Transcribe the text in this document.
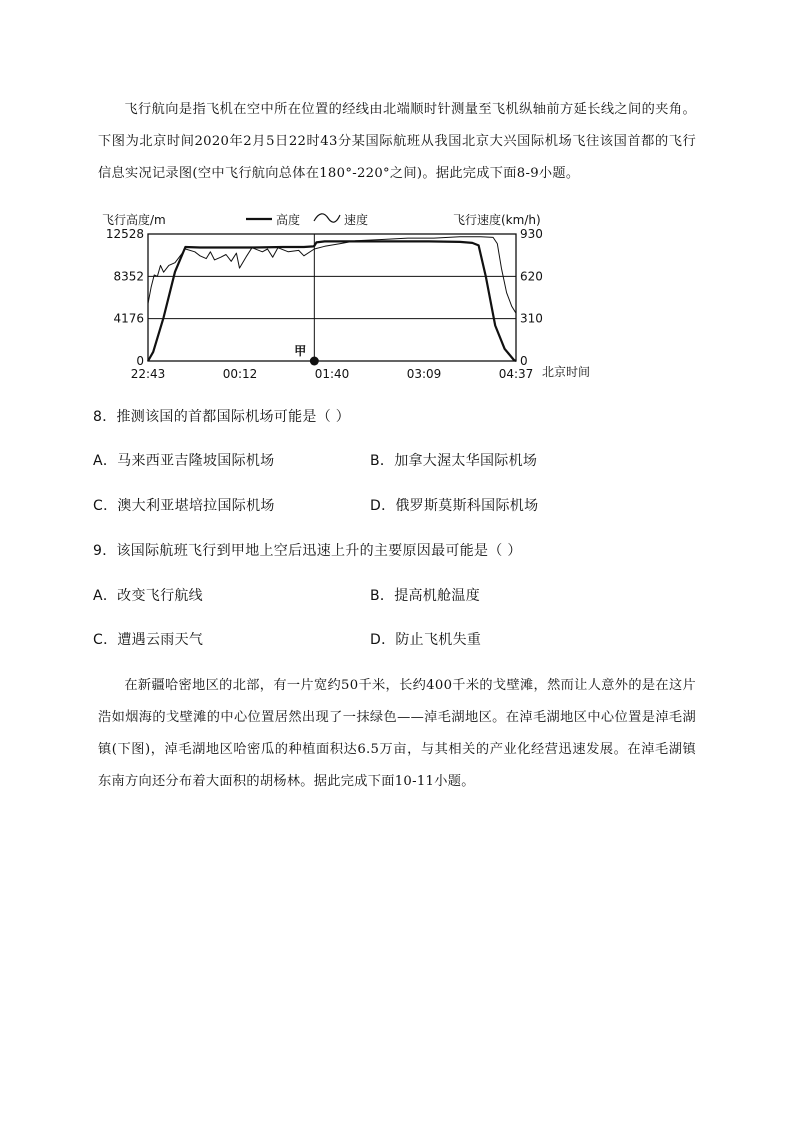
飞行航向是指飞机在空中所在位置的经线由北端顺时针测量至飞机纵轴前方延长线之间的夹角。下图为北京时间2020年2月5日22时43分某国际航班从我国北京大兴国际机场飞往该国首都的飞行信息实况记录图(空中飞行航向总体在180°-220°之间)。据此完成下面8-9小题。

飞行高度/m	飞行速度(km/h)
北京时间
高度	速度
0
4176
8352
12528
0
310
620
930
22:43	00:12	01:40	03:09	04:37
甲
8．推测该国的首都国际机场可能是（ ）
A．马来西亚吉隆坡国际机场	B．加拿大渥太华国际机场
C．澳大利亚堪培拉国际机场	D．俄罗斯莫斯科国际机场
9．该国际航班飞行到甲地上空后迅速上升的主要原因最可能是（ ）
A．改变飞行航线	B．提高机舱温度
C．遭遇云雨天气	D．防止飞机失重

在新疆哈密地区的北部，有一片宽约50千米，长约400千米的戈壁滩，然而让人意外的是在这片浩如烟海的戈壁滩的中心位置居然出现了一抹绿色——淖毛湖地区。在淖毛湖地区中心位置是淖毛湖镇(下图)，淖毛湖地区哈密瓜的种植面积达6.5万亩，与其相关的产业化经营迅速发展。在淖毛湖镇东南方向还分布着大面积的胡杨林。据此完成下面10-11小题。
